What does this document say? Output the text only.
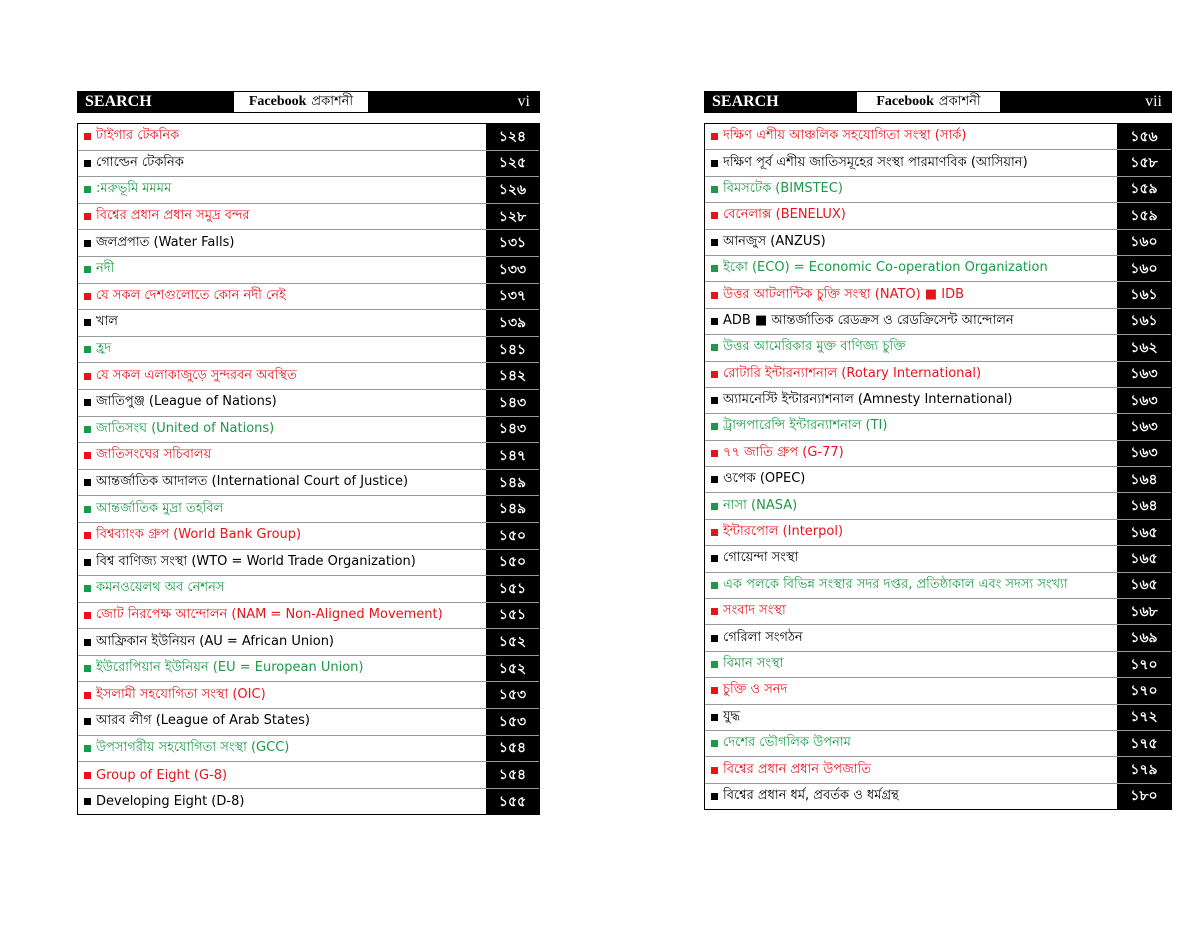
SEARCH	Facebook প্রকাশনী	vi
টাইগার টেকনিক	১২৪
গোল্ডেন টেকনিক	১২৫
:মরুভূমি মমমম	১২৬
বিশ্বের প্রধান প্রধান সমুদ্র বন্দর	১২৮
জলপ্রপাত (Water Falls)	১৩১
নদী	১৩৩
যে সকল দেশগুলোতে কোন নদী নেই	১৩৭
খাল	১৩৯
হ্রদ	১৪১
যে সকল এলাকাজুড়ে সুন্দরবন অবস্থিত	১৪২
জাতিপুঞ্জ (League of Nations)	১৪৩
জাতিসংঘ (United of Nations)	১৪৩
জাতিসংঘের সচিবালয়	১৪৭
আন্তর্জাতিক আদালত (International Court of Justice)	১৪৯
আন্তর্জাতিক মুদ্রা তহবিল	১৪৯
বিশ্বব্যাংক গ্রুপ (World Bank Group)	১৫০
বিশ্ব বাণিজ্য সংস্থা (WTO = World Trade Organization)	১৫০
কমনওয়েলথ অব নেশনস	১৫১
জোট নিরপেক্ষ আন্দোলন (NAM = Non-Aligned Movement)	১৫১
আফ্রিকান ইউনিয়ন (AU = African Union)	১৫২
ইউরোপিয়ান ইউনিয়ন (EU = European Union)	১৫২
ইসলামী সহযোগিতা সংস্থা (OIC)	১৫৩
আরব লীগ (League of Arab States)	১৫৩
উপসাগরীয় সহযোগিতা সংস্থা (GCC)	১৫৪
Group of Eight (G-8)	১৫৪
Developing Eight (D-8)	১৫৫
SEARCH	Facebook প্রকাশনী	vii
দক্ষিণ এশীয় আঞ্চলিক সহযোগিতা সংস্থা (সার্ক)	১৫৬
দক্ষিণ পূর্ব এশীয় জাতিসমূহের সংস্থা পারমাণবিক (আসিয়ান)	১৫৮
বিমসটেক (BIMSTEC)	১৫৯
বেনেলাক্স (BENELUX)	১৫৯
আনজুস (ANZUS)	১৬০
ইকো (ECO) = Economic Co-operation Organization	১৬০
উত্তর আটলান্টিক চুক্তি সংস্থা (NATO) ■ IDB	১৬১
ADB ■ আন্তর্জাতিক রেডক্রস ও রেডক্রিসেন্ট আন্দোলন	১৬১
উত্তর আমেরিকার মুক্ত বাণিজ্য চুক্তি	১৬২
রোটারি ইন্টারন্যাশনাল (Rotary International)	১৬৩
অ্যামনেস্টি ইন্টারন্যাশনাল (Amnesty International)	১৬৩
ট্রান্সপারেন্সি ইন্টারন্যাশনাল (TI)	১৬৩
৭৭ জাতি গ্রুপ (G-77)	১৬৩
ওপেক (OPEC)	১৬৪
নাসা (NASA)	১৬৪
ইন্টারপোল (Interpol)	১৬৫
গোয়েন্দা সংস্থা	১৬৫
এক পলকে বিভিন্ন সংস্থার সদর দপ্তর, প্রতিষ্ঠাকাল এবং সদস্য সংখ্যা	১৬৫
সংবাদ সংস্থা	১৬৮
গেরিলা সংগঠন	১৬৯
বিমান সংস্থা	১৭০
চুক্তি ও সনদ	১৭০
যুদ্ধ	১৭২
দেশের ভৌগলিক উপনাম	১৭৫
বিশ্বের প্রধান প্রধান উপজাতি	১৭৯
বিশ্বের প্রধান ধর্ম, প্রবর্তক ও ধর্মগ্রন্থ	১৮০
